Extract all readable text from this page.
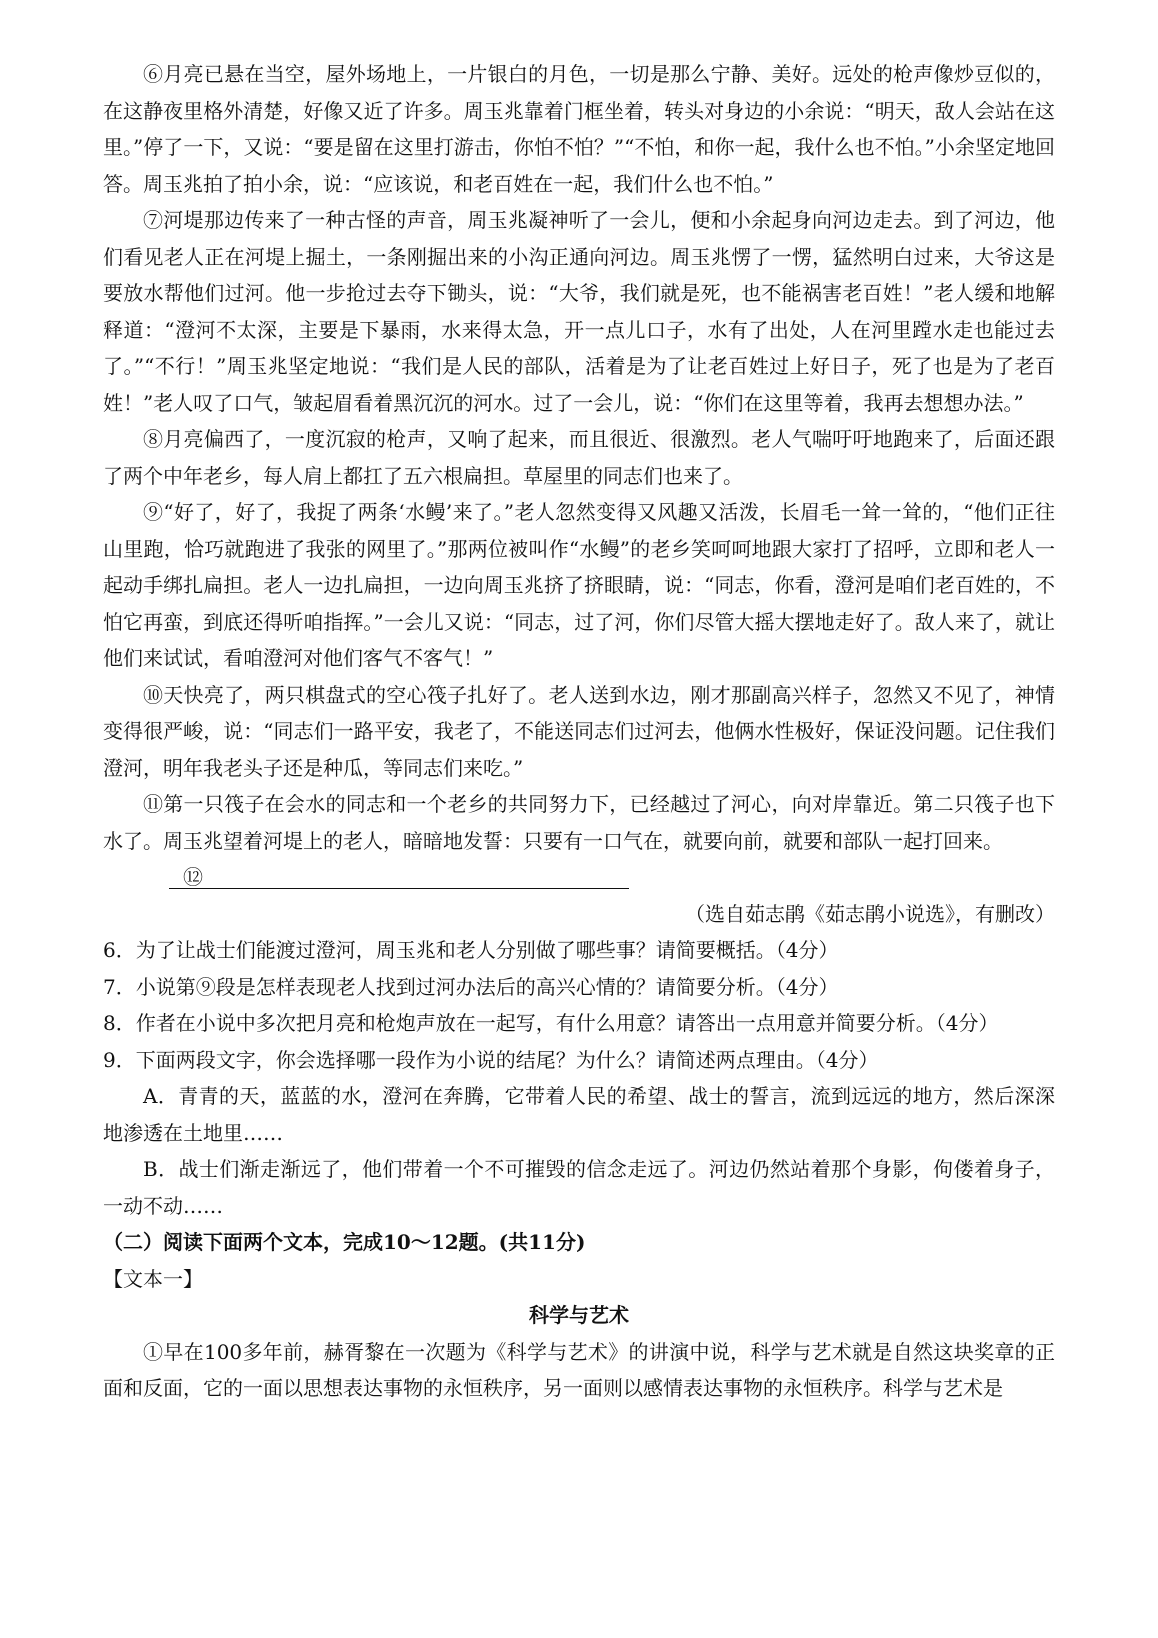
⑥月亮已悬在当空，屋外场地上，一片银白的月色，一切是那么宁静、美好。远处的枪声像炒豆似的，在这静夜里格外清楚，好像又近了许多。周玉兆靠着门框坐着，转头对身边的小余说：“明天，敌人会站在这里。”停了一下，又说：“要是留在这里打游击，你怕不怕？”“不怕，和你一起，我什么也不怕。”小余坚定地回答。周玉兆拍了拍小余，说：“应该说，和老百姓在一起，我们什么也不怕。”

⑦河堤那边传来了一种古怪的声音，周玉兆凝神听了一会儿，便和小余起身向河边走去。到了河边，他们看见老人正在河堤上掘土，一条刚掘出来的小沟正通向河边。周玉兆愣了一愣，猛然明白过来，大爷这是要放水帮他们过河。他一步抢过去夺下锄头，说：“大爷，我们就是死，也不能祸害老百姓！”老人缓和地解释道：“澄河不太深，主要是下暴雨，水来得太急，开一点儿口子，水有了出处，人在河里蹚水走也能过去了。”“不行！”周玉兆坚定地说：“我们是人民的部队，活着是为了让老百姓过上好日子，死了也是为了老百姓！”老人叹了口气，皱起眉看着黑沉沉的河水。过了一会儿，说：“你们在这里等着，我再去想想办法。”

⑧月亮偏西了，一度沉寂的枪声，又响了起来，而且很近、很激烈。老人气喘吁吁地跑来了，后面还跟了两个中年老乡，每人肩上都扛了五六根扁担。草屋里的同志们也来了。

⑨“好了，好了，我捉了两条‘水鳗’来了。”老人忽然变得又风趣又活泼，长眉毛一耸一耸的，“他们正往山里跑，恰巧就跑进了我张的网里了。”那两位被叫作“水鳗”的老乡笑呵呵地跟大家打了招呼，立即和老人一起动手绑扎扁担。老人一边扎扁担，一边向周玉兆挤了挤眼睛，说：“同志，你看，澄河是咱们老百姓的，不怕它再蛮，到底还得听咱指挥。”一会儿又说：“同志，过了河，你们尽管大摇大摆地走好了。敌人来了，就让他们来试试，看咱澄河对他们客气不客气！”

⑩天快亮了，两只棋盘式的空心筏子扎好了。老人送到水边，刚才那副高兴样子，忽然又不见了，神情变得很严峻，说：“同志们一路平安，我老了，不能送同志们过河去，他俩水性极好，保证没问题。记住我们澄河，明年我老头子还是种瓜，等同志们来吃。”

⑪第一只筏子在会水的同志和一个老乡的共同努力下，已经越过了河心，向对岸靠近。第二只筏子也下水了。周玉兆望着河堤上的老人，暗暗地发誓：只要有一口气在，就要向前，就要和部队一起打回来。

⑫

（选自茹志鹃《茹志鹃小说选》，有删改）

6．为了让战士们能渡过澄河，周玉兆和老人分别做了哪些事？请简要概括。（4分）

7．小说第⑨段是怎样表现老人找到过河办法后的高兴心情的？请简要分析。（4分）

8．作者在小说中多次把月亮和枪炮声放在一起写，有什么用意？请答出一点用意并简要分析。（4分）

9．下面两段文字，你会选择哪一段作为小说的结尾？为什么？请简述两点理由。（4分）

A．青青的天，蓝蓝的水，澄河在奔腾，它带着人民的希望、战士的誓言，流到远远的地方，然后深深地渗透在土地里……

B．战士们渐走渐远了，他们带着一个不可摧毁的信念走远了。河边仍然站着那个身影，佝偻着身子，一动不动……

（二）阅读下面两个文本，完成10～12题。(共11分)

【文本一】

科学与艺术

①早在100多年前，赫胥黎在一次题为《科学与艺术》的讲演中说，科学与艺术就是自然这块奖章的正面和反面，它的一面以思想表达事物的永恒秩序，另一面则以感情表达事物的永恒秩序。科学与艺术是
